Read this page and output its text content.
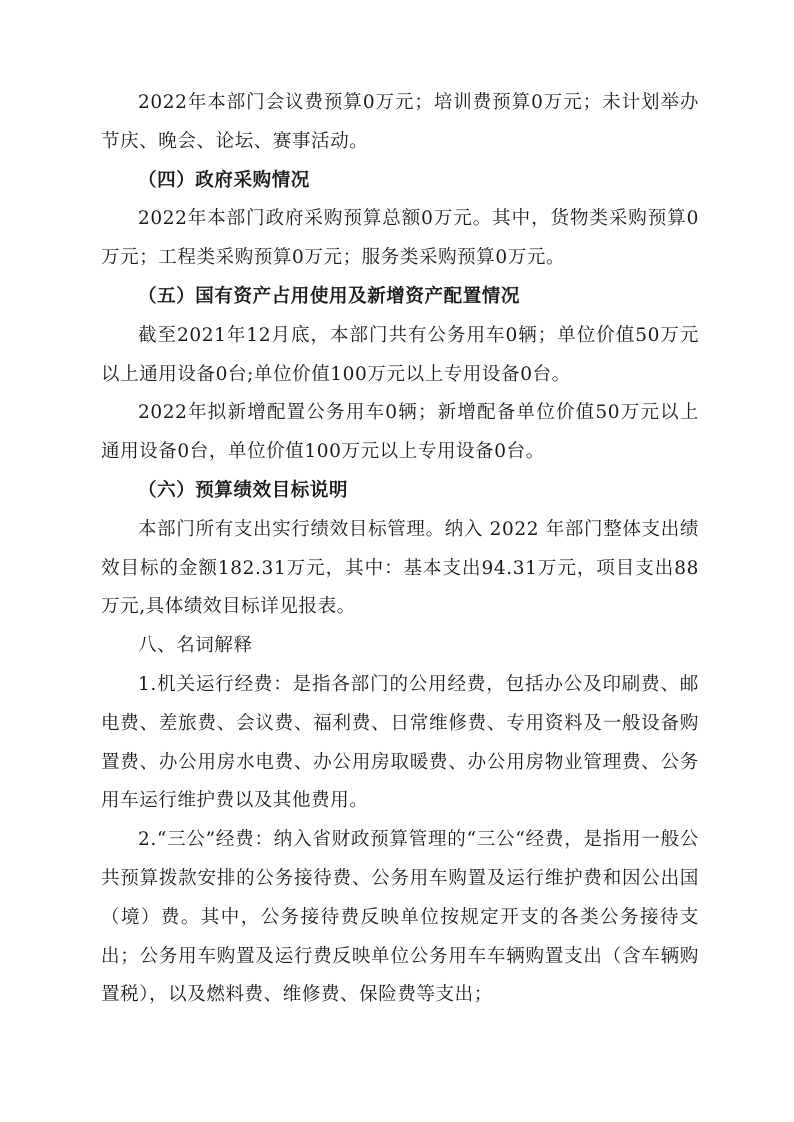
2022年本部门会议费预算0万元；培训费预算0万元；未计划举办节庆、晚会、论坛、赛事活动。

（四）政府采购情况

2022年本部门政府采购预算总额0万元。其中，货物类采购预算0万元；工程类采购预算0万元；服务类采购预算0万元。

（五）国有资产占用使用及新增资产配置情况

截至2021年12月底，本部门共有公务用车0辆；单位价值50万元以上通用设备0台;单位价值100万元以上专用设备0台。

2022年拟新增配置公务用车0辆；新增配备单位价值50万元以上通用设备0台，单位价值100万元以上专用设备0台。

（六）预算绩效目标说明

本部门所有支出实行绩效目标管理。纳入 2022 年部门整体支出绩效目标的金额182.31万元，其中：基本支出94.31万元，项目支出88万元,具体绩效目标详见报表。

八、名词解释

1.机关运行经费：是指各部门的公用经费，包括办公及印刷费、邮电费、差旅费、会议费、福利费、日常维修费、专用资料及一般设备购置费、办公用房水电费、办公用房取暖费、办公用房物业管理费、公务用车运行维护费以及其他费用。

2.“三公”经费：纳入省财政预算管理的“三公“经费，是指用一般公共预算拨款安排的公务接待费、公务用车购置及运行维护费和因公出国（境）费。其中，公务接待费反映单位按规定开支的各类公务接待支出；公务用车购置及运行费反映单位公务用车车辆购置支出（含车辆购置税），以及燃料费、维修费、保险费等支出；
